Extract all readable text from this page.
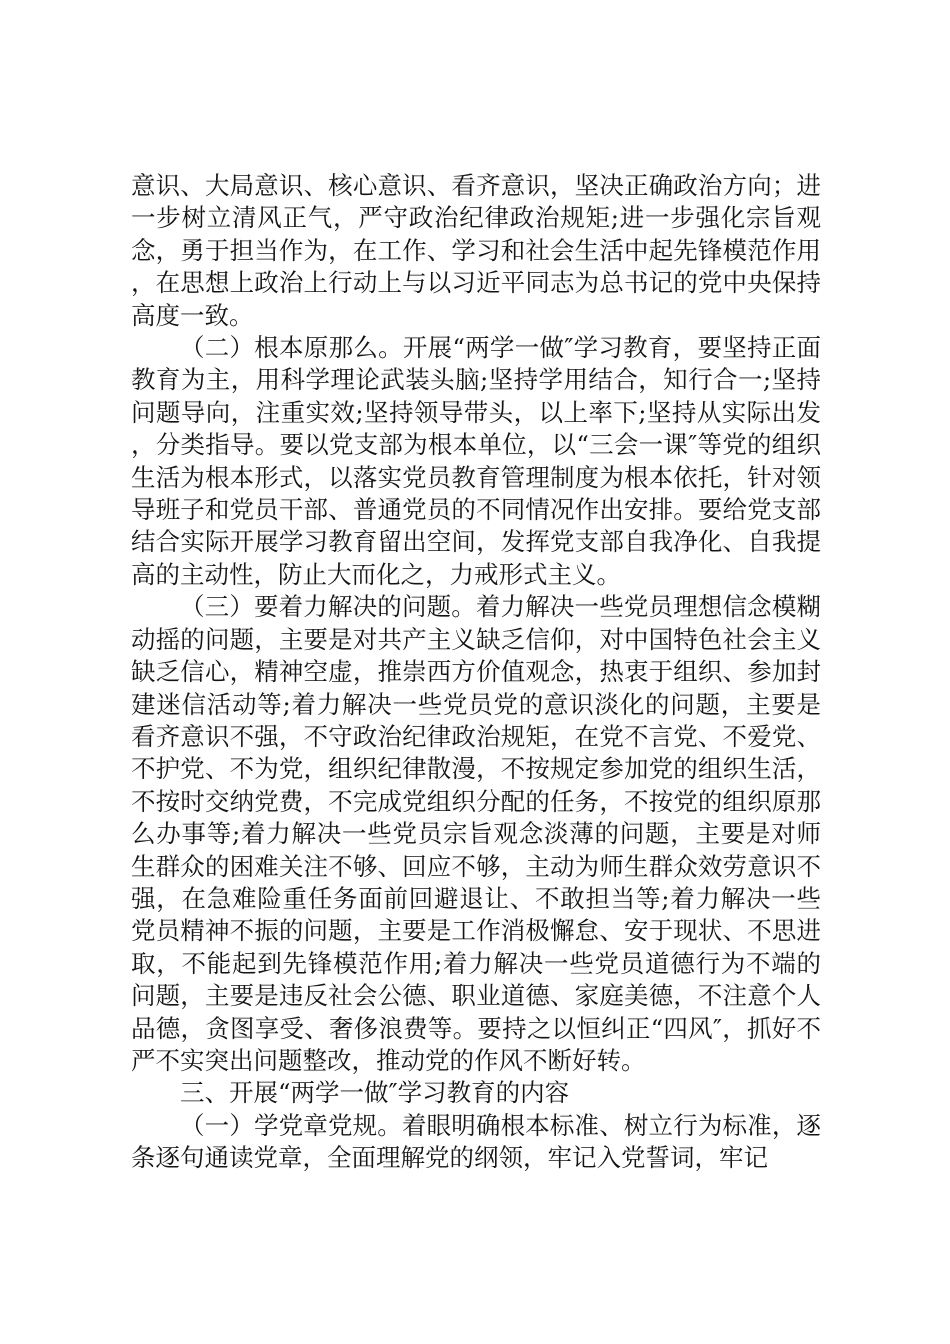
意识、大局意识、核心意识、看齐意识，坚决正确政治方向；进一步树立清风正气，严守政治纪律政治规矩;进一步强化宗旨观念，勇于担当作为，在工作、学习和社会生活中起先锋模范作用，在思想上政治上行动上与以习近平同志为总书记的党中央保持高度一致。

（二）根本原那么。开展“两学一做″学习教育，要坚持正面教育为主，用科学理论武装头脑;坚持学用结合，知行合一;坚持问题导向，注重实效;坚持领导带头，以上率下;坚持从实际出发，分类指导。要以党支部为根本单位，以“三会一课″等党的组织生活为根本形式，以落实党员教育管理制度为根本依托，针对领导班子和党员干部、普通党员的不同情况作出安排。要给党支部结合实际开展学习教育留出空间，发挥党支部自我净化、自我提高的主动性，防止大而化之，力戒形式主义。

（三）要着力解决的问题。着力解决一些党员理想信念模糊动摇的问题，主要是对共产主义缺乏信仰，对中国特色社会主义缺乏信心，精神空虚，推崇西方价值观念，热衷于组织、参加封建迷信活动等;着力解决一些党员党的意识淡化的问题，主要是看齐意识不强，不守政治纪律政治规矩，在党不言党、不爱党、不护党、不为党，组织纪律散漫，不按规定参加党的组织生活，不按时交纳党费，不完成党组织分配的任务，不按党的组织原那么办事等;着力解决一些党员宗旨观念淡薄的问题，主要是对师生群众的困难关注不够、回应不够，主动为师生群众效劳意识不强，在急难险重任务面前回避退让、不敢担当等;着力解决一些党员精神不振的问题，主要是工作消极懈怠、安于现状、不思进取，不能起到先锋模范作用;着力解决一些党员道德行为不端的问题，主要是违反社会公德、职业道德、家庭美德，不注意个人品德，贪图享受、奢侈浪费等。要持之以恒纠正“四风″，抓好不严不实突出问题整改，推动党的作风不断好转。

三、开展“两学一做″学习教育的内容

（一）学党章党规。着眼明确根本标准、树立行为标准，逐条逐句通读党章，全面理解党的纲领，牢记入党誓词，牢记
